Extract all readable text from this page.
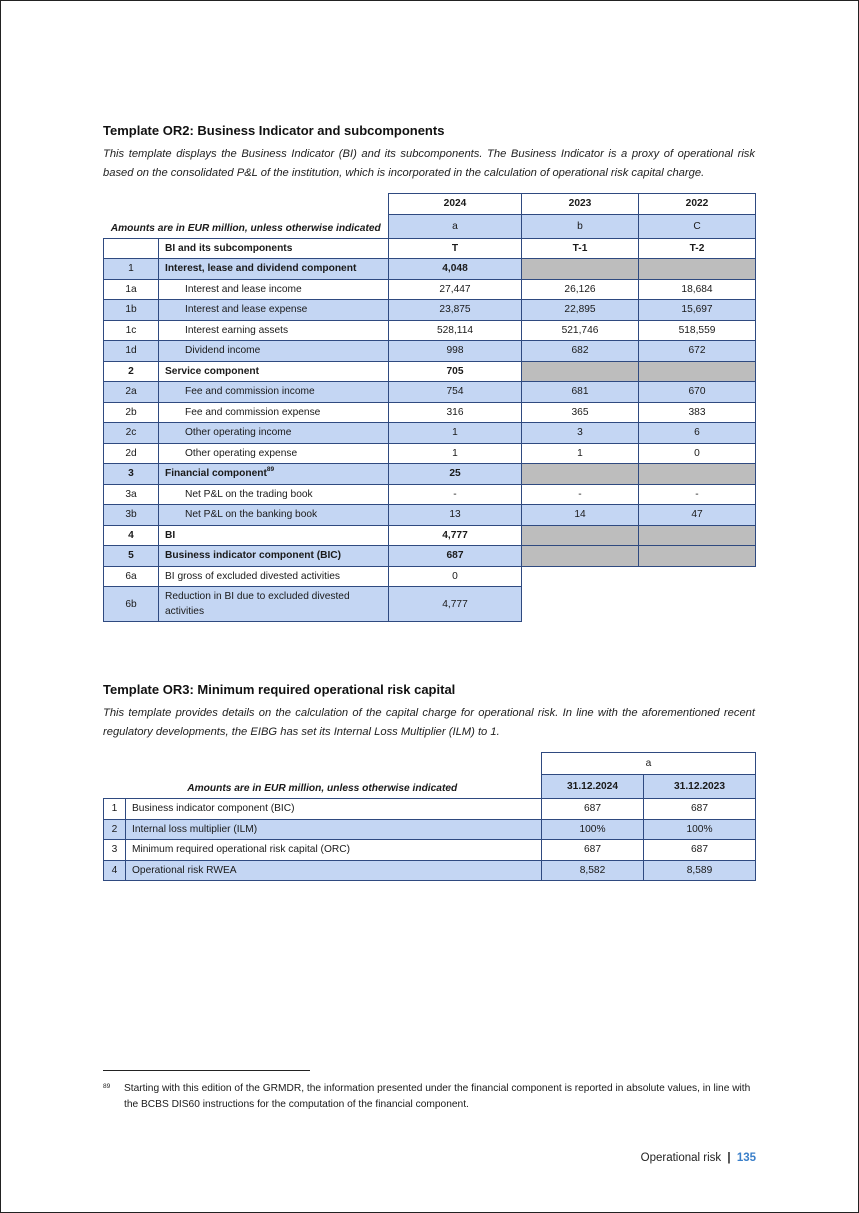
Template OR2: Business Indicator and subcomponents

This template displays the Business Indicator (BI) and its subcomponents. The Business Indicator is a proxy of operational risk based on the consolidated P&L of the institution, which is incorporated in the calculation of operational risk capital charge.

Amounts are in EUR million, unless otherwise indicated		2024	2023	2022
		a	b	C
	BI and its subcomponents	T	T-1	T-2
1	Interest, lease and dividend component	4,048		
1a	Interest and lease income	27,447	26,126	18,684
1b	Interest and lease expense	23,875	22,895	15,697
1c	Interest earning assets	528,114	521,746	518,559
1d	Dividend income	998	682	672
2	Service component	705		
2a	Fee and commission income	754	681	670
2b	Fee and commission expense	316	365	383
2c	Other operating income	1	3	6
2d	Other operating expense	1	1	0
3	Financial component$^{89}$	25		
3a	Net P&L on the trading book	-	-	-
3b	Net P&L on the banking book	13	14	47
4	BI	4,777		
5	Business indicator component (BIC)	687		
6a	BI gross of excluded divested activities	0		
6b	Reduction in BI due to excluded divested activities	4,777		
Template OR3: Minimum required operational risk capital

This template provides details on the calculation of the capital charge for operational risk. In line with the aforementioned recent regulatory developments, the EIBG has set its Internal Loss Multiplier (ILM) to 1.

Amounts are in EUR million, unless otherwise indicated		a	
		31.12.2024	31.12.2023
1	Business indicator component (BIC)	687	687
2	Internal loss multiplier (ILM)	100%	100%
3	Minimum required operational risk capital (ORC)	687	687
4	Operational risk RWEA	8,582	8,589
89 Starting with this edition of the GRMDR, the information presented under the financial component is reported in absolute values, in line with the BCBS DIS60 instructions for the computation of the financial component.
Operational risk | 135
